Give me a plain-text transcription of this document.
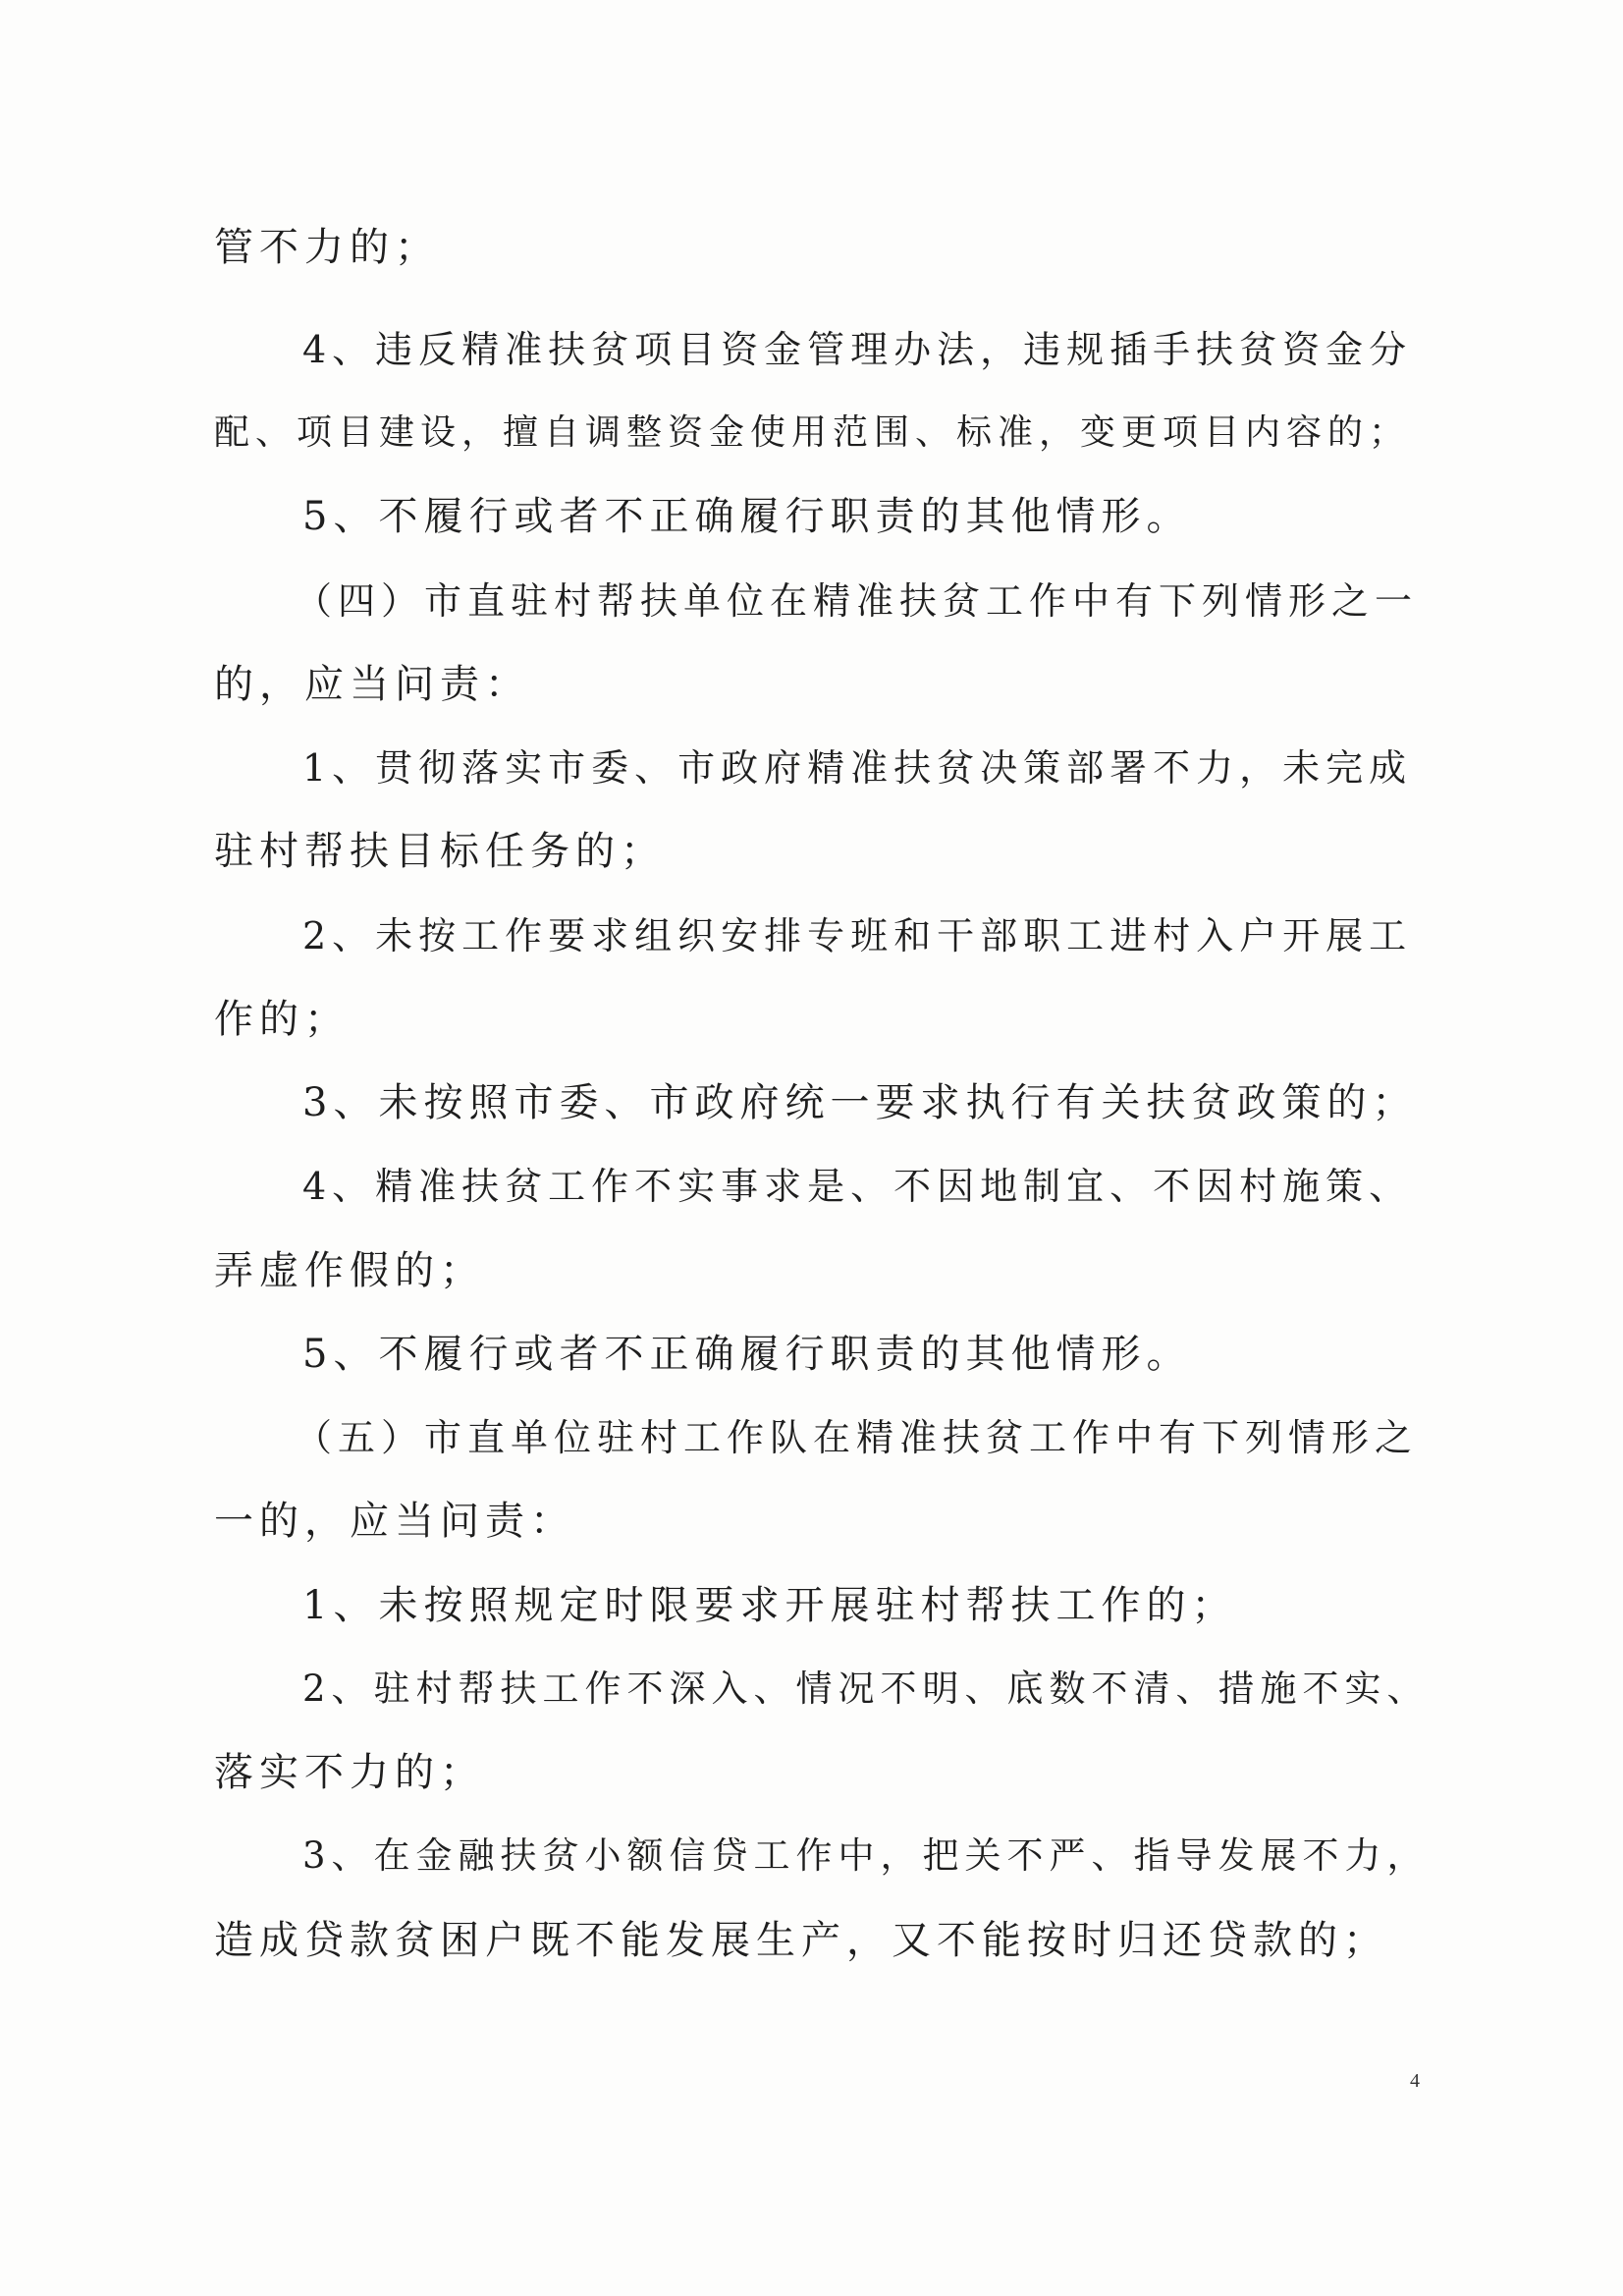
管不力的；

4、违反精准扶贫项目资金管理办法，违规插手扶贫资金分

配、项目建设，擅自调整资金使用范围、标准，变更项目内容的；

5、不履行或者不正确履行职责的其他情形。

（四）市直驻村帮扶单位在精准扶贫工作中有下列情形之一

的，应当问责：

1、贯彻落实市委、市政府精准扶贫决策部署不力，未完成

驻村帮扶目标任务的；

2、未按工作要求组织安排专班和干部职工进村入户开展工

作的；

3、未按照市委、市政府统一要求执行有关扶贫政策的；

4、精准扶贫工作不实事求是、不因地制宜、不因村施策、

弄虚作假的；

5、不履行或者不正确履行职责的其他情形。

（五）市直单位驻村工作队在精准扶贫工作中有下列情形之

一的，应当问责：

1、未按照规定时限要求开展驻村帮扶工作的；

2、驻村帮扶工作不深入、情况不明、底数不清、措施不实、

落实不力的；

3、在金融扶贫小额信贷工作中，把关不严、指导发展不力，

造成贷款贫困户既不能发展生产，又不能按时归还贷款的；

4
